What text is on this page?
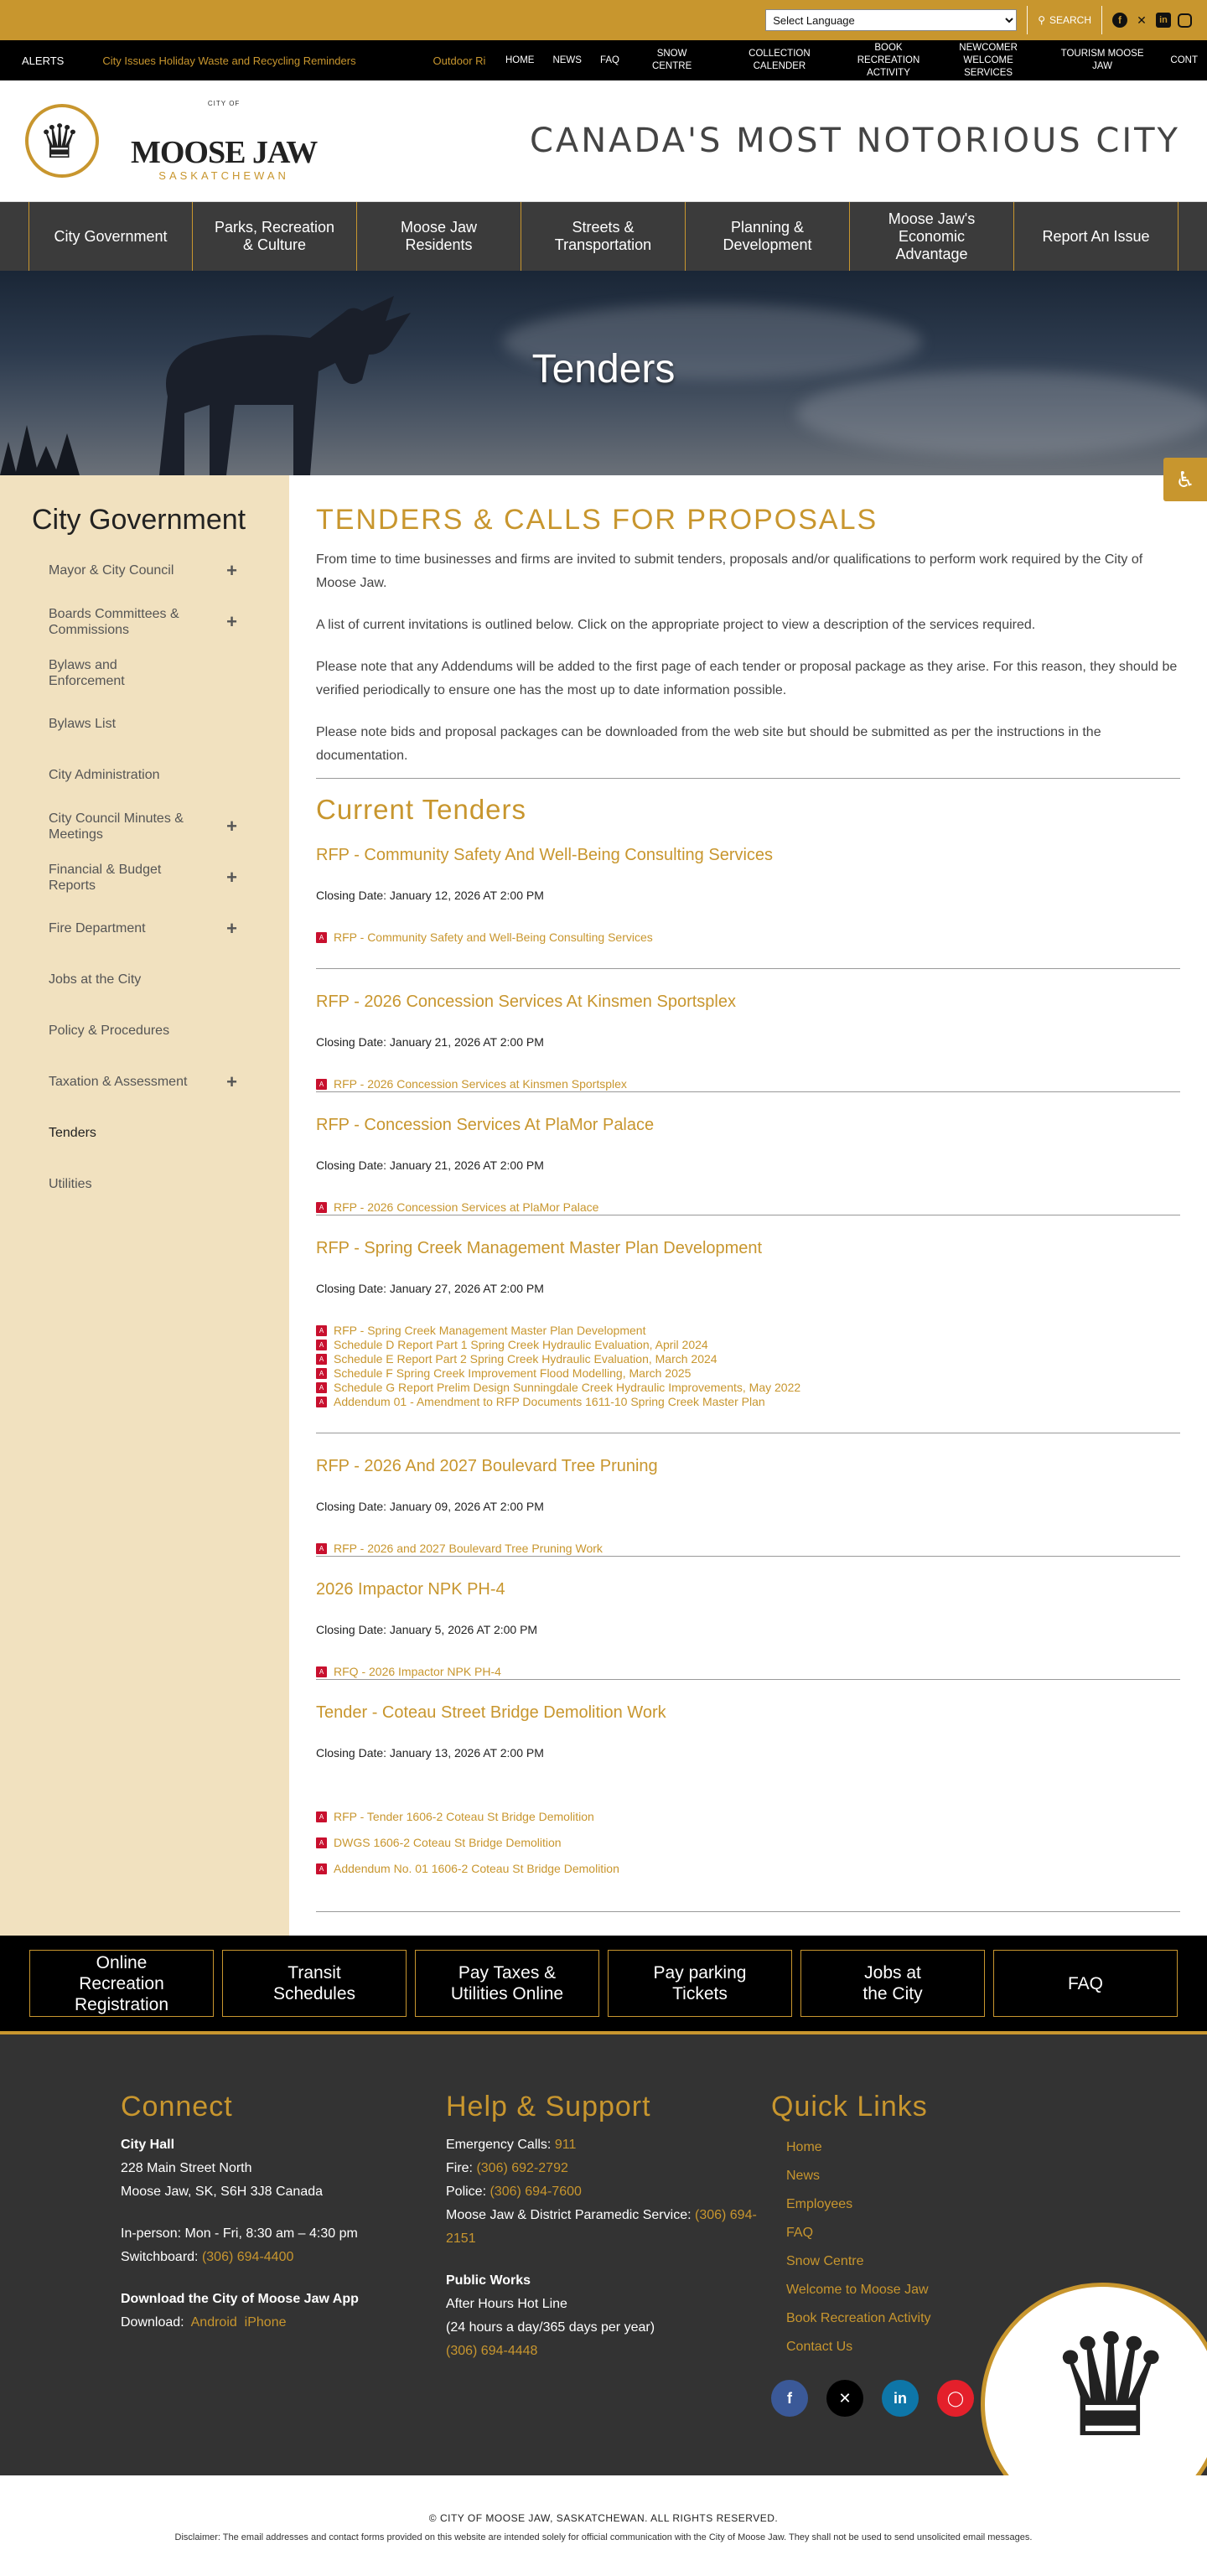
Select Language
⚲ SEARCH	f	✕	in
ALERTS	City Issues Holiday Waste and Recycling Reminders	Outdoor Ri	HOME	NEWS	FAQ
SNOW CENTRE
COLLECTION CALENDER
BOOK RECREATION ACTIVITY
NEWCOMER WELCOME SERVICES
TOURISM MOOSE JAW
CONT
♛
CITY OF
MOOSE JAW
SASKATCHEWAN
CANADA'S MOST NOTORIOUS CITY
City Government
Parks, Recreation & Culture
Moose Jaw Residents
Streets & Transportation
Planning & Development
Moose Jaw's Economic Advantage
Report An Issue
Tenders
♿
City Government
Mayor & City Council	+
Boards Committees & Commissions	+
Bylaws and Enforcement
Bylaws List
City Administration
City Council Minutes & Meetings	+
Financial & Budget Reports	+
Fire Department	+
Jobs at the City
Policy & Procedures
Taxation & Assessment +
Tenders
Utilities
TENDERS & CALLS FOR PROPOSALS

From time to time businesses and firms are invited to submit tenders, proposals and/or qualifications to perform work required by the City of Moose Jaw.

A list of current invitations is outlined below. Click on the appropriate project to view a description of the services required.

Please note that any Addendums will be added to the first page of each tender or proposal package as they arise. For this reason, they should be verified periodically to ensure one has the most up to date information possible.

Please note bids and proposal packages can be downloaded from the web site but should be submitted as per the instructions in the documentation.

Current Tenders
RFP - Community Safety And Well-Being Consulting Services
Closing Date: January 12, 2026 AT 2:00 PM
A RFP - Community Safety and Well-Being Consulting Services
RFP - 2026 Concession Services At Kinsmen Sportsplex
Closing Date: January 21, 2026 AT 2:00 PM
A RFP - 2026 Concession Services at Kinsmen Sportsplex
RFP - Concession Services At PlaMor Palace
Closing Date: January 21, 2026 AT 2:00 PM
A RFP - 2026 Concession Services at PlaMor Palace
RFP - Spring Creek Management Master Plan Development
Closing Date: January 27, 2026 AT 2:00 PM
A RFP - Spring Creek Management Master Plan Development
A Schedule D Report Part 1 Spring Creek Hydraulic Evaluation, April 2024
A Schedule E Report Part 2 Spring Creek Hydraulic Evaluation, March 2024
A Schedule F Spring Creek Improvement Flood Modelling, March 2025
A Schedule G Report Prelim Design Sunningdale Creek Hydraulic Improvements, May 2022
A Addendum 01 - Amendment to RFP Documents 1611-10 Spring Creek Master Plan
RFP - 2026 And 2027 Boulevard Tree Pruning
Closing Date: January 09, 2026 AT 2:00 PM
A RFP - 2026 and 2027 Boulevard Tree Pruning Work
2026 Impactor NPK PH-4
Closing Date: January 5, 2026 AT 2:00 PM
A RFQ - 2026 Impactor NPK PH-4
Tender - Coteau Street Bridge Demolition Work
Closing Date: January 13, 2026 AT 2:00 PM
A RFP - Tender 1606-2 Coteau St Bridge Demolition
A DWGS 1606-2 Coteau St Bridge Demolition
A Addendum No. 01 1606-2 Coteau St Bridge Demolition
Online Recreation Registration
Transit Schedules
Pay Taxes & Utilities Online
Pay parking Tickets
Jobs at the City
FAQ
Connect
City Hall
228 Main Street North
Moose Jaw, SK, S6H 3J8 Canada
In-person: Mon - Fri, 8:30 am – 4:30 pm
Switchboard: (306) 694-4400
Download the City of Moose Jaw App
Download: Android iPhone
Help & Support
Emergency Calls: 911
Fire: (306) 692-2792
Police: (306) 694-7600
Moose Jaw & District Paramedic Service: (306) 694-2151
Public Works
After Hours Hot Line
(24 hours a day/365 days per year)
(306) 694-4448
Quick Links
Home
News
Employees
FAQ
Snow Centre
Welcome to Moose Jaw
Book Recreation Activity
Contact Us
f	✕	in	◯ ♛
© CITY OF MOOSE JAW, SASKATCHEWAN. ALL RIGHTS RESERVED.
Disclaimer: The email addresses and contact forms provided on this website are intended solely for official communication with the City of Moose Jaw. They shall not be used to send unsolicited email messages.
